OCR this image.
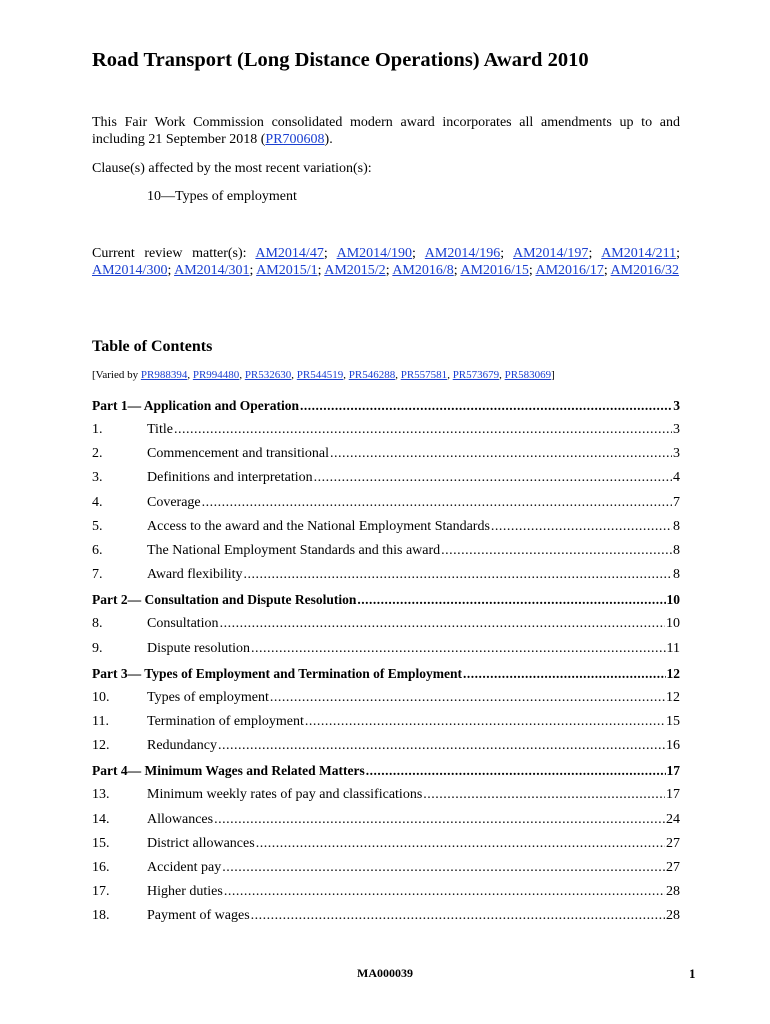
Road Transport (Long Distance Operations) Award 2010
This Fair Work Commission consolidated modern award incorporates all amendments up to and including 21 September 2018 (PR700608).
Clause(s) affected by the most recent variation(s):
10—Types of employment
Current review matter(s): AM2014/47; AM2014/190; AM2014/196; AM2014/197; AM2014/211; AM2014/300; AM2014/301; AM2015/1; AM2015/2; AM2016/8; AM2016/15; AM2016/17; AM2016/32
Table of Contents
[Varied by PR988394, PR994480, PR532630, PR544519, PR546288, PR557581, PR573679, PR583069]
Part 1— Application and Operation .....	3
1.	Title .....	3
2.	Commencement and transitional .....	3
3.	Definitions and interpretation .....	4
4.	Coverage .....	7
5.	Access to the award and the National Employment Standards .....	8
6.	The National Employment Standards and this award .....	8
7.	Award flexibility .....	8
Part 2— Consultation and Dispute Resolution .....	10
8.	Consultation .....	10
9.	Dispute resolution .....	11
Part 3— Types of Employment and Termination of Employment .....	12
10.	Types of employment .....	12
11.	Termination of employment .....	15
12.	Redundancy .....	16
Part 4— Minimum Wages and Related Matters .....	17
13.	Minimum weekly rates of pay and classifications .....	17
14.	Allowances .....	24
15.	District allowances .....	27
16.	Accident pay .....	27
17.	Higher duties .....	28
18.	Payment of wages .....	28
MA000039	1
